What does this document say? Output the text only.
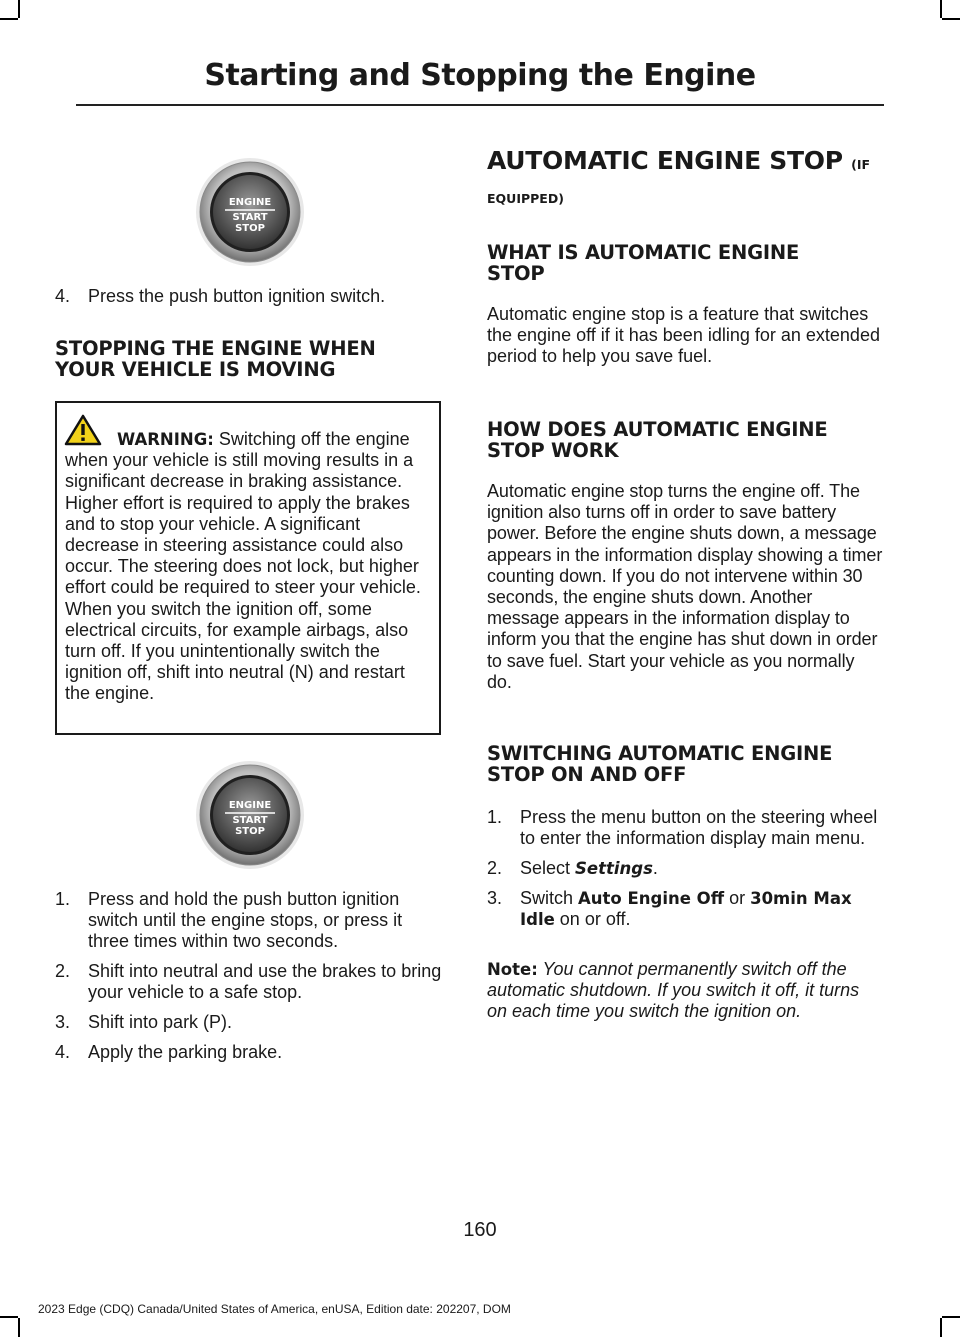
Starting and Stopping the Engine
ENGINE
START
STOP
4. Press the push button ignition switch.
STOPPING THE ENGINE WHEN YOUR VEHICLE IS MOVING
WARNING: Switching off the engine when your vehicle is still moving results in a significant decrease in braking assistance. Higher effort is required to apply the brakes and to stop your vehicle. A significant decrease in steering assistance could also occur. The steering does not lock, but higher effort could be required to steer your vehicle. When you switch the ignition off, some electrical circuits, for example airbags, also turn off. If you unintentionally switch the ignition off, shift into neutral (N) and restart the engine.
ENGINE
START
STOP
1. Press and hold the push button ignition switch until the engine stops, or press it three times within two seconds.
2. Shift into neutral and use the brakes to bring your vehicle to a safe stop.
3. Shift into park (P).
4. Apply the parking brake.
AUTOMATIC ENGINE STOP (IF
EQUIPPED)
WHAT IS AUTOMATIC ENGINE STOP

Automatic engine stop is a feature that switches the engine off if it has been idling for an extended period to help you save fuel.

HOW DOES AUTOMATIC ENGINE STOP WORK

Automatic engine stop turns the engine off. The ignition also turns off in order to save battery power. Before the engine shuts down, a message appears in the information display showing a timer counting down. If you do not intervene within 30 seconds, the engine shuts down. Another message appears in the information display to inform you that the engine has shut down in order to save fuel. Start your vehicle as you normally do.

SWITCHING AUTOMATIC ENGINE STOP ON AND OFF
1. Press the menu button on the steering wheel to enter the information display main menu.
2. Select Settings.
3. Switch Auto Engine Off or 30min Max Idle on or off.

Note: You cannot permanently switch off the automatic shutdown. If you switch it off, it turns on each time you switch the ignition on.

160
2023 Edge (CDQ) Canada/United States of America, enUSA, Edition date: 202207, DOM
